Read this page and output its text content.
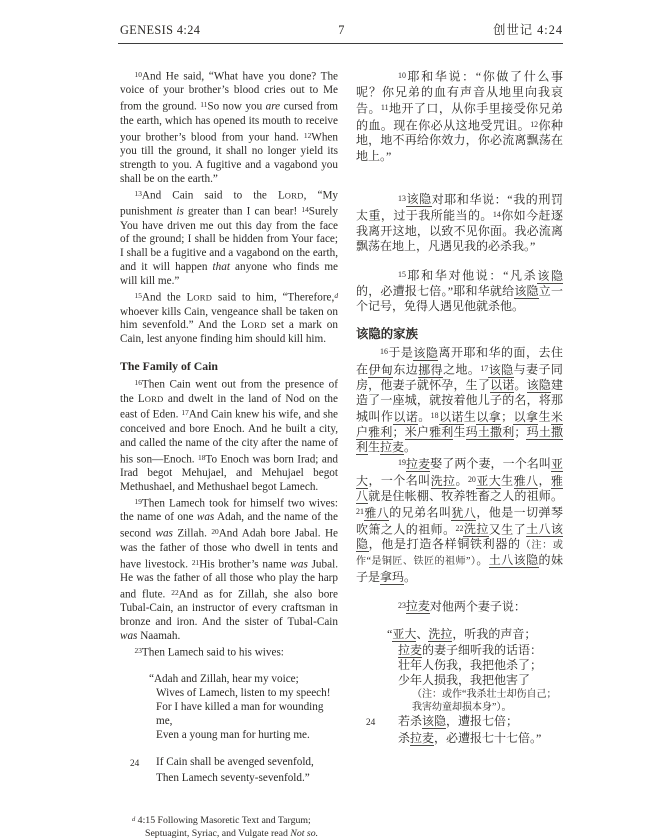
GENESIS 4:24	7	创世记 4:24

$^{10}$And He said, “What have you done? The voice of your brother’s blood cries out to Me from the ground. $^{11}$So now you are cursed from the earth, which has opened its mouth to receive your brother’s blood from your hand. $^{12}$When you till the ground, it shall no longer yield its strength to you. A fugitive and a vagabond you shall be on the earth.”

$^{13}$And Cain said to the LORD, “My punishment is greater than I can bear! $^{14}$Surely You have driven me out this day from the face of the ground; I shall be hidden from Your face; I shall be a fugitive and a vagabond on the earth, and it will happen that anyone who finds me will kill me.”

$^{15}$And the LORD said to him, “Therefore,$^d$ whoever kills Cain, vengeance shall be taken on him sevenfold.” And the LORD set a mark on Cain, lest anyone finding him should kill him.

The Family of Cain

$^{16}$Then Cain went out from the presence of the LORD and dwelt in the land of Nod on the east of Eden. $^{17}$And Cain knew his wife, and she conceived and bore Enoch. And he built a city, and called the name of the city after the name of his son—Enoch. $^{18}$To Enoch was born Irad; and Irad begot Mehujael, and Mehujael begot Methushael, and Methushael begot Lamech.

$^{19}$Then Lamech took for himself two wives: the name of one was Adah, and the name of the second was Zillah. $^{20}$And Adah bore Jabal. He was the father of those who dwell in tents and have livestock. $^{21}$His brother’s name was Jubal. He was the father of all those who play the harp and flute. $^{22}$And as for Zillah, she also bore Tubal-Cain, an instructor of every craftsman in bronze and iron. And the sister of Tubal-Cain was Naamah.

$^{23}$Then Lamech said to his wives:

“Adah and Zillah, hear my voice;
Wives of Lamech, listen to my speech!
For I have killed a man for wounding me,
Even a young man for hurting me.
24	If Cain shall be avenged sevenfold,
Then Lamech seventy-sevenfold.”

$^d$ 4:15 Following Masoretic Text and Targum; Septuagint, Syriac, and Vulgate read Not so.

$^{10}$耶和华说：“你做了什么事呢？你兄弟的血有声音从地里向我哀告。$^{11}$地开了口，从你手里接受你兄弟的血。现在你必从这地受咒诅。$^{12}$你种地，地不再给你效力，你必流离飘荡在地上。”

$^{13}$该隐对耶和华说：“我的刑罚太重，过于我所能当的。$^{14}$你如今赶逐我离开这地，以致不见你面。我必流离飘荡在地上，凡遇见我的必杀我。”

$^{15}$耶和华对他说：“凡杀该隐的，必遭报七倍。”耶和华就给该隐立一个记号，免得人遇见他就杀他。

该隐的家族

$^{16}$于是该隐离开耶和华的面，去住在伊甸东边挪得之地。$^{17}$该隐与妻子同房，他妻子就怀孕，生了以诺。该隐建造了一座城，就按着他儿子的名，将那城叫作以诺。$^{18}$以诺生以拿；以拿生米户雅利；米户雅利生玛土撒利；玛土撒利生拉麦。

$^{19}$拉麦娶了两个妻，一个名叫亚大，一个名叫洗拉。$^{20}$亚大生雅八，雅八就是住帐棚、牧养牲畜之人的祖师。$^{21}$雅八的兄弟名叫犹八，他是一切弹琴吹箫之人的祖师。$^{22}$洗拉又生了土八该隐，他是打造各样铜铁利器的（注：或作“是铜匠、铁匠的祖师”）。土八该隐的妹子是拿玛。

$^{23}$拉麦对他两个妻子说：

“亚大、洗拉，听我的声音；
拉麦的妻子细听我的话语：
壮年人伤我，我把他杀了；
少年人损我，我把他害了
（注：或作“我杀壮士却伤自己；我害幼童却损本身”）。
24	若杀该隐，遭报七倍；
杀拉麦，必遭报七十七倍。”
